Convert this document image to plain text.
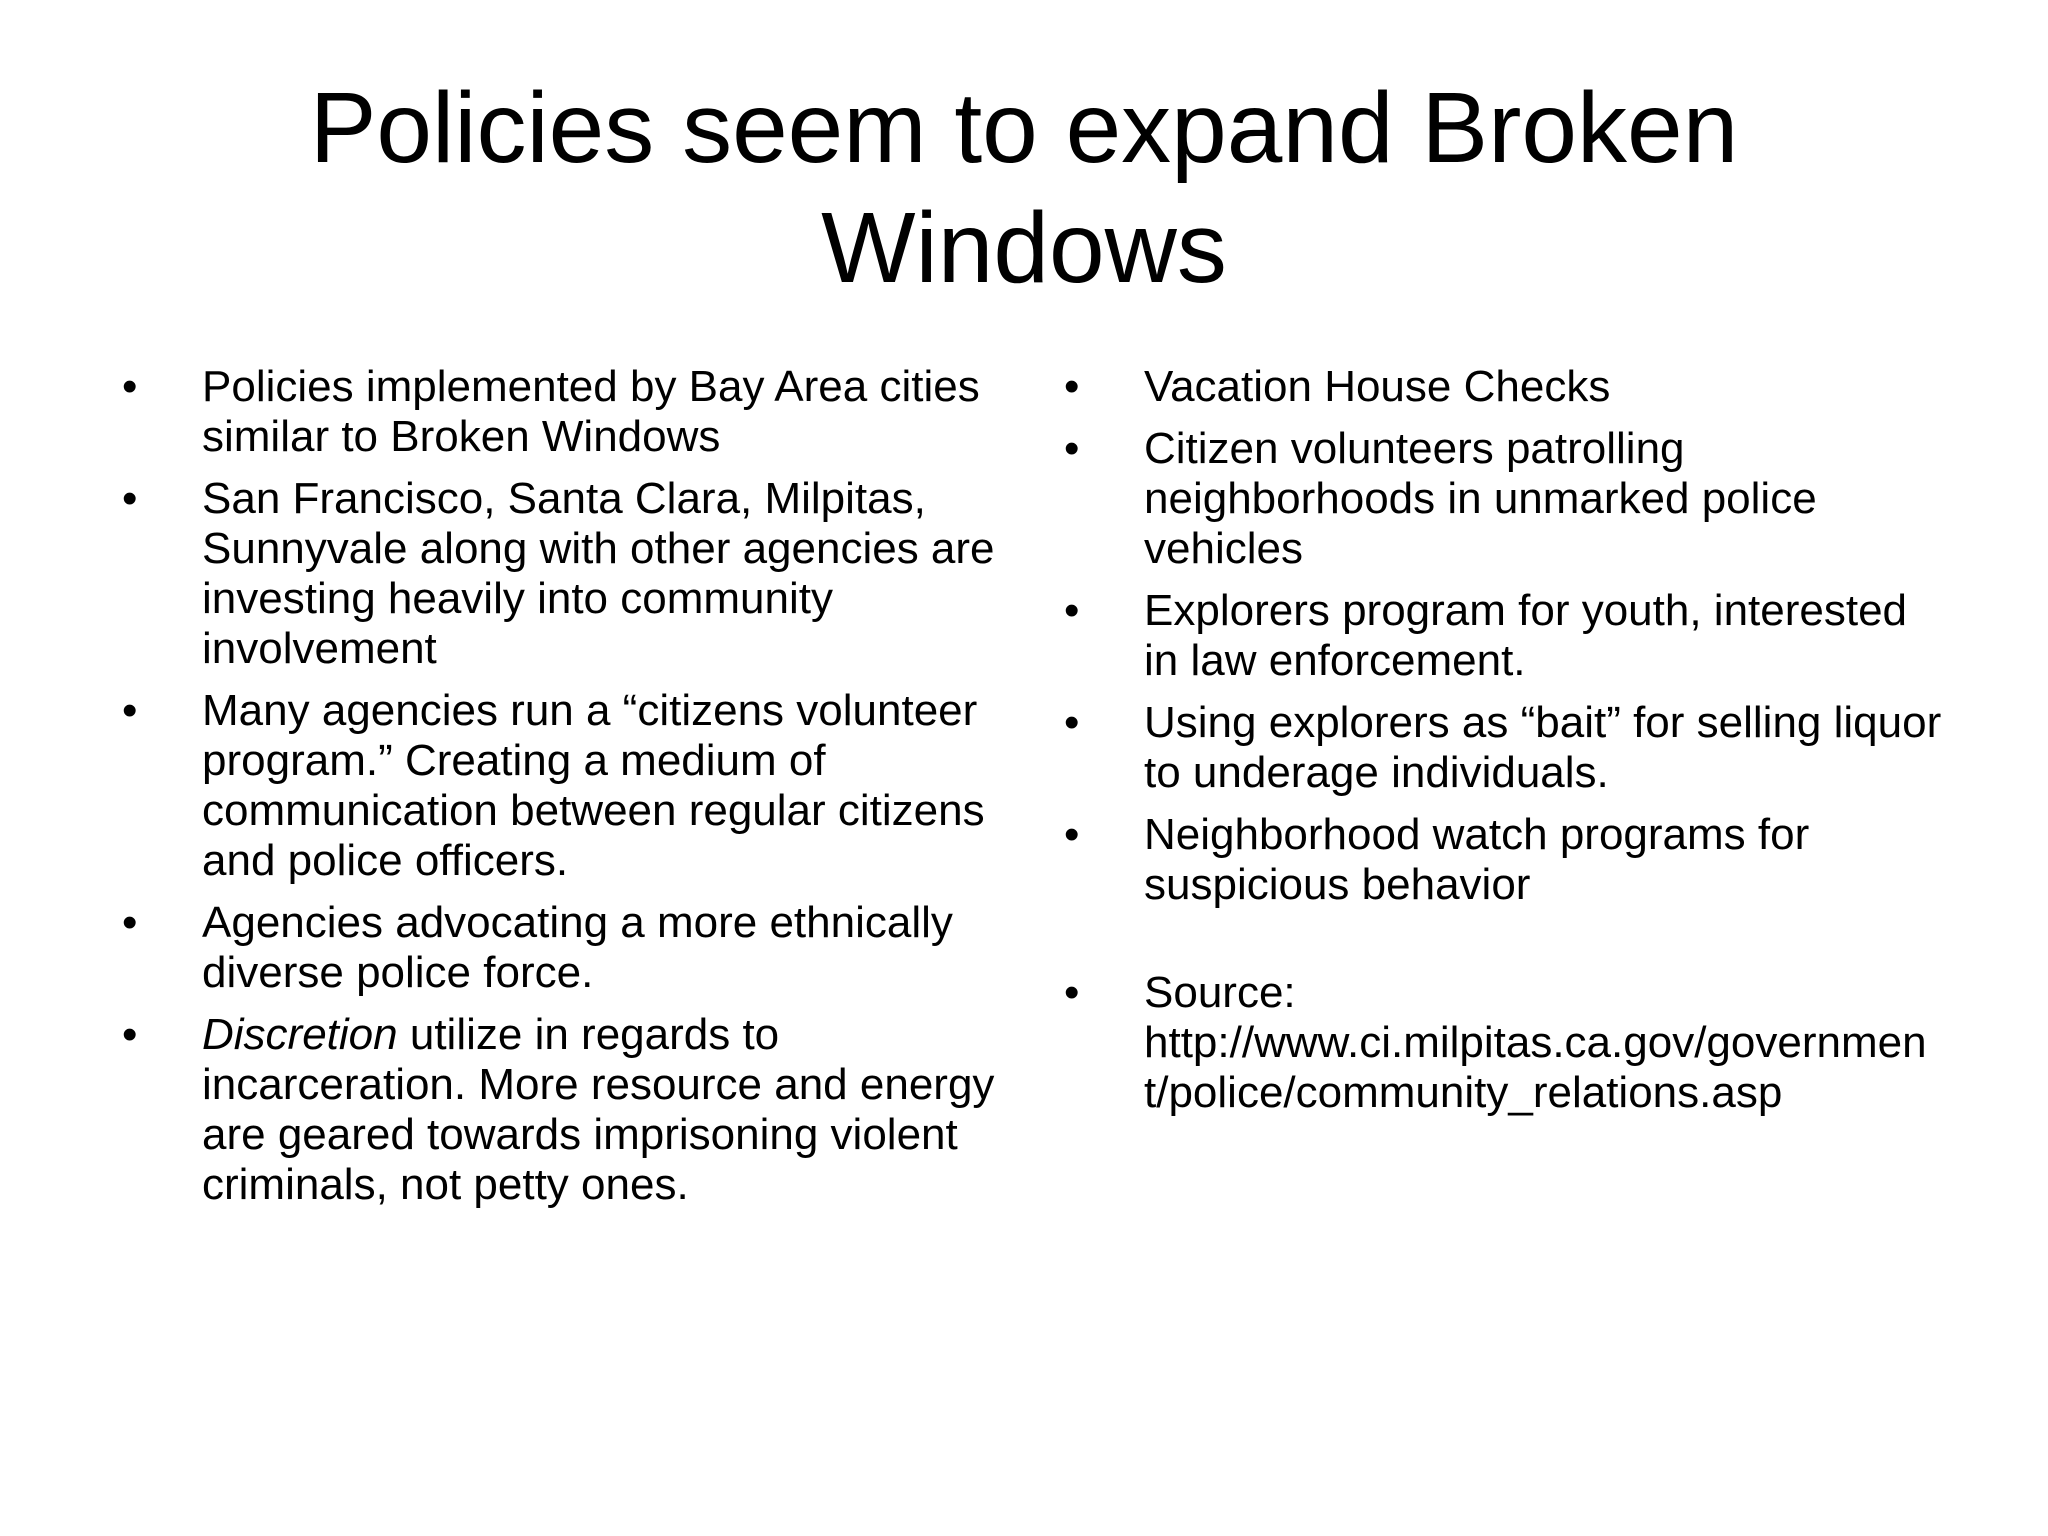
Policies seem to expand Broken Windows
•	Policies implemented by Bay Area cities similar to Broken Windows
•	San Francisco, Santa Clara, Milpitas, Sunnyvale along with other agencies are investing heavily into community involvement
•	Many agencies run a “citizens volunteer program.” Creating a medium of communication between regular citizens and police officers.
•	Agencies advocating a more ethnically diverse police force.
•	Discretion utilize in regards to incarceration. More resource and energy are geared towards imprisoning violent criminals, not petty ones.
•	Vacation House Checks
•	Citizen volunteers patrolling neighborhoods in unmarked police vehicles
•	Explorers program for youth, interested in law enforcement.
•	Using explorers as “bait” for selling liquor to underage individuals.
•	Neighborhood watch programs for suspicious behavior
•	Source:
http://www.ci.milpitas.ca.gov/government/police/community_relations.asp
